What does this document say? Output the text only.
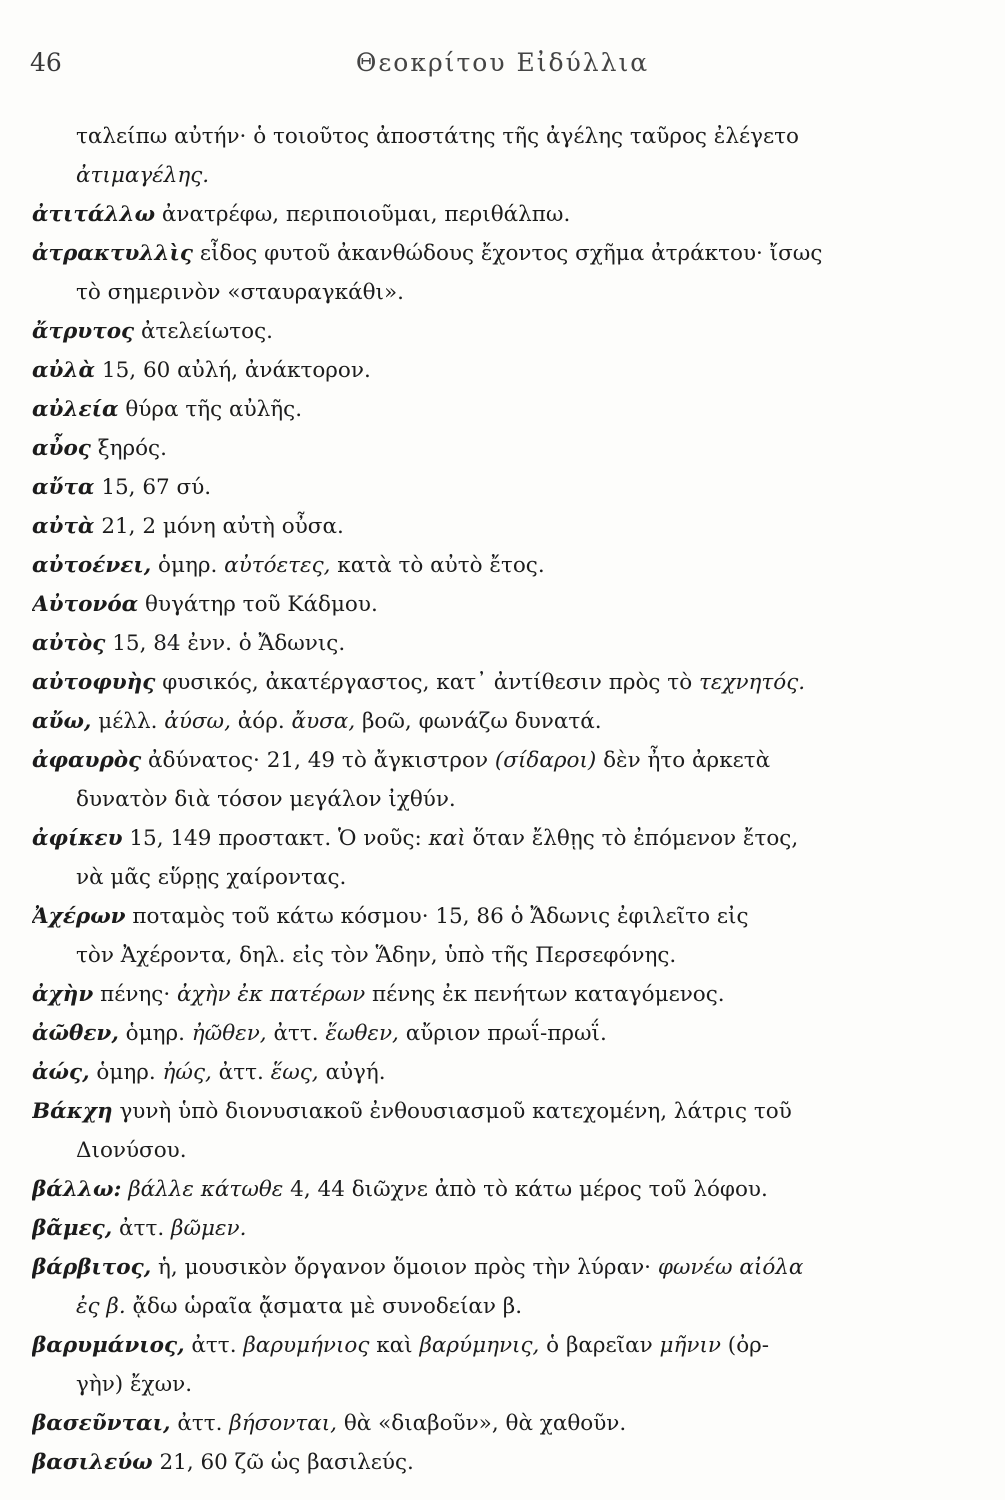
46	Θεοκρίτου Εἰδύλλια
ταλείπω αὐτήν· ὁ τοιοῦτος ἀποστάτης τῆς ἀγέλης ταῦρος ἐλέγετο
ἀτιμαγέλης.
ἀτιτάλλω ἀνατρέφω, περιποιοῦμαι, περιθάλπω.
ἀτρακτυλλὶς εἶδος φυτοῦ ἀκανθώδους ἔχοντος σχῆμα ἀτράκτου· ἴσως
τὸ σημερινὸν «σταυραγκάθι».
ἄτρυτος ἀτελείωτος.
αὐλὰ 15, 60 αὐλή, ἀνάκτορον.
αὐλεία θύρα τῆς αὐλῆς.
αὖος ξηρός.
αὔτα 15, 67 σύ.
αὐτὰ 21, 2 μόνη αὐτὴ οὖσα.
αὐτοένει, ὁμηρ. αὐτόετες, κατὰ τὸ αὐτὸ ἔτος.
Αὐτονόα θυγάτηρ τοῦ Κάδμου.
αὐτὸς 15, 84 ἐνν. ὁ Ἄδωνις.
αὐτοφυὴς φυσικός, ἀκατέργαστος, κατ᾽ ἀντίθεσιν πρὸς τὸ τεχνητός.
αὔω, μέλλ. ἀύσω, ἀόρ. ἄυσα, βοῶ, φωνάζω δυνατά.
ἀφαυρὸς ἀδύνατος· 21, 49 τὸ ἄγκιστρον (σίδαροι) δὲν ἦτο ἀρκετὰ
δυνατὸν διὰ τόσον μεγάλον ἰχθύν.
ἀφίκευ 15, 149 προστακτ. Ὁ νοῦς: καὶ ὅταν ἔλθῃς τὸ ἐπόμενον ἔτος,
νὰ μᾶς εὕρῃς χαίροντας.
Ἀχέρων ποταμὸς τοῦ κάτω κόσμου· 15, 86 ὁ Ἄδωνις ἐφιλεῖτο εἰς
τὸν Ἀχέροντα, δηλ. εἰς τὸν Ἅδην, ὑπὸ τῆς Περσεφόνης.
ἀχὴν πένης· ἀχὴν ἐκ πατέρων πένης ἐκ πενήτων καταγόμενος.
ἀῶθεν, ὁμηρ. ἠῶθεν, ἀττ. ἕωθεν, αὔριον πρωΐ-πρωΐ.
ἀώς, ὁμηρ. ἠώς, ἀττ. ἕως, αὐγή.
Βάκχη γυνὴ ὑπὸ διονυσιακοῦ ἐνθουσιασμοῦ κατεχομένη, λάτρις τοῦ
Διονύσου.
βάλλω: βάλλε κάτωθε 4, 44 διῶχνε ἀπὸ τὸ κάτω μέρος τοῦ λόφου.
βᾶμες, ἀττ. βῶμεν.
βάρβιτος, ἡ, μουσικὸν ὄργανον ὅμοιον πρὸς τὴν λύραν· φωνέω αἰόλα
ἐς β. ᾄδω ὡραῖα ᾄσματα μὲ συνοδείαν β.
βαρυμάνιος, ἀττ. βαρυμήνιος καὶ βαρύμηνις, ὁ βαρεῖαν μῆνιν (ὀρ-
γὴν) ἔχων.
βασεῦνται, ἀττ. βήσονται, θὰ «διαβοῦν», θὰ χαθοῦν.
βασιλεύω 21, 60 ζῶ ὡς βασιλεύς.
